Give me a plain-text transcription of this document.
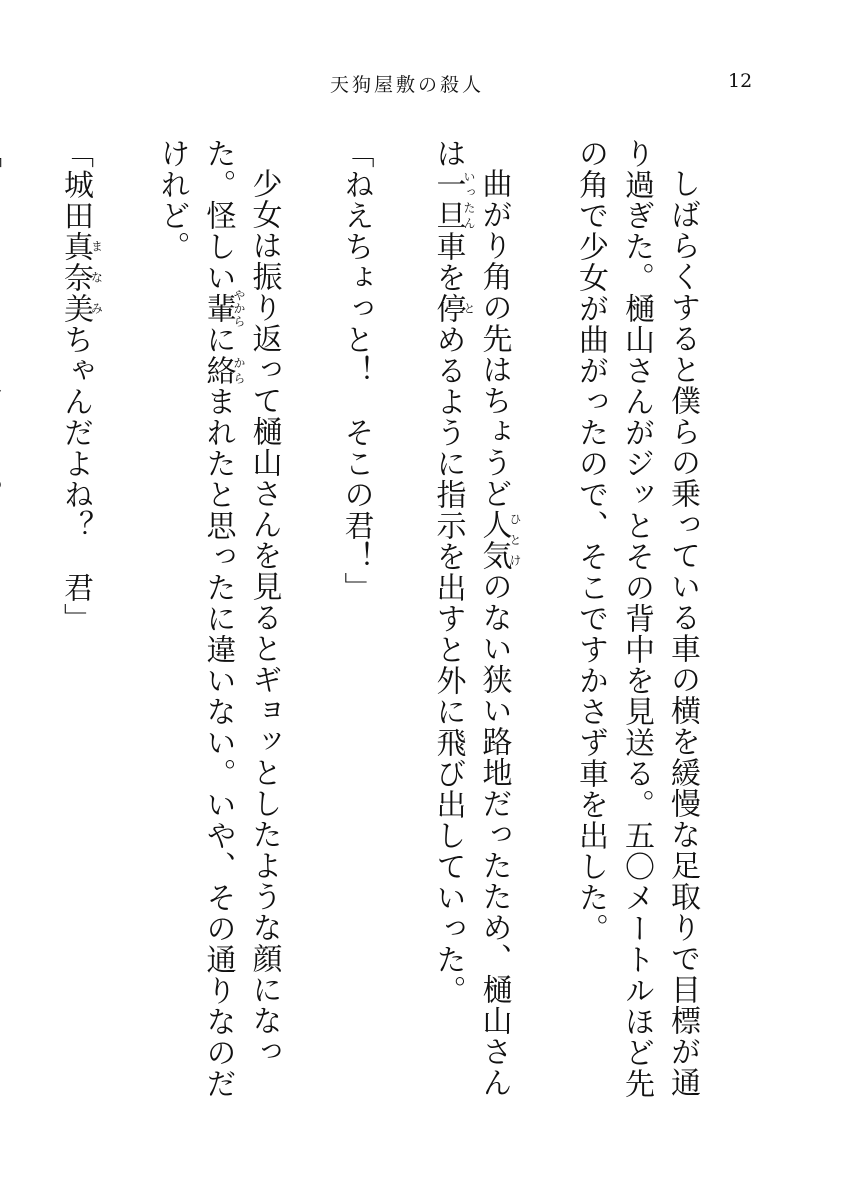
天狗屋敷の殺人	12

しばらくすると僕らの乗っている車の横を緩慢な足取りで目標が通り過ぎた。樋山さんがジッとその背中を見送る。五〇メートルほど先の角で少女が曲がったので、そこですかさず車を出した。

曲がり角の先はちょうど人気ひとけのない狭い路地だったため、樋山さんは一旦いったん車を停とめるように指示を出すと外に飛び出していった。

「ねえちょっと！　そこの君！」

少女は振り返って樋山さんを見るとギョッとしたような顔になった。怪しい輩やからに絡からまれたと思ったに違いない。いや、その通りなのだけれど。

「城田真奈美まなみちゃんだよね？　君」
